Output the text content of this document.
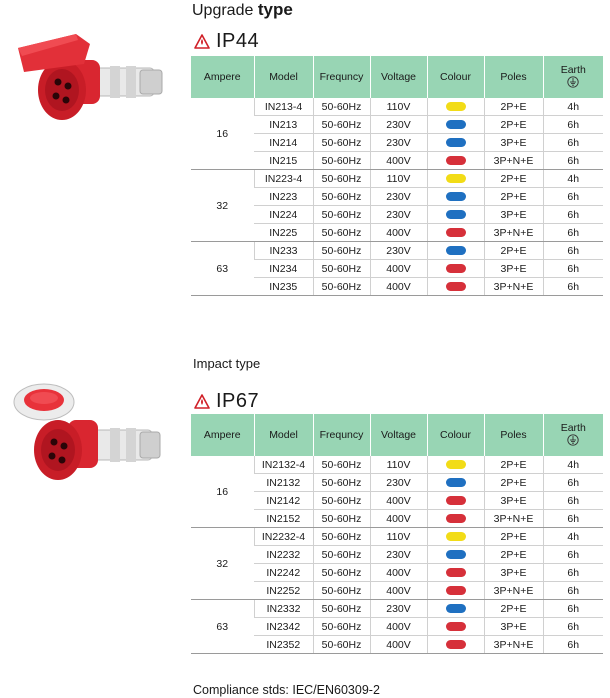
Upgrade type
IP44
Ampere	Model	Frequncy	Voltage	Colour	Poles	Earth

16	IN213-4	50-60Hz	110V		2P+E	4h
	IN213	50-60Hz	230V		2P+E	6h
	IN214	50-60Hz	230V		3P+E	6h
	IN215	50-60Hz	400V		3P+N+E	6h
32	IN223-4	50-60Hz	110V		2P+E	4h
	IN223	50-60Hz	230V		2P+E	6h
	IN224	50-60Hz	230V		3P+E	6h
	IN225	50-60Hz	400V		3P+N+E	6h
63	IN233	50-60Hz	230V		2P+E	6h
	IN234	50-60Hz	400V		3P+E	6h
	IN235	50-60Hz	400V		3P+N+E	6h
Impact type
IP67
Ampere	Model	Frequncy	Voltage	Colour	Poles	Earth

16	IN2132-4	50-60Hz	110V		2P+E	4h
	IN2132	50-60Hz	230V		2P+E	6h
	IN2142	50-60Hz	400V		3P+E	6h
	IN2152	50-60Hz	400V		3P+N+E	6h
32	IN2232-4	50-60Hz	110V		2P+E	4h
	IN2232	50-60Hz	230V		2P+E	6h
	IN2242	50-60Hz	400V		3P+E	6h
	IN2252	50-60Hz	400V		3P+N+E	6h
63	IN2332	50-60Hz	230V		2P+E	6h
	IN2342	50-60Hz	400V		3P+E	6h
	IN2352	50-60Hz	400V		3P+N+E	6h
Compliance stds: IEC/EN60309-2
